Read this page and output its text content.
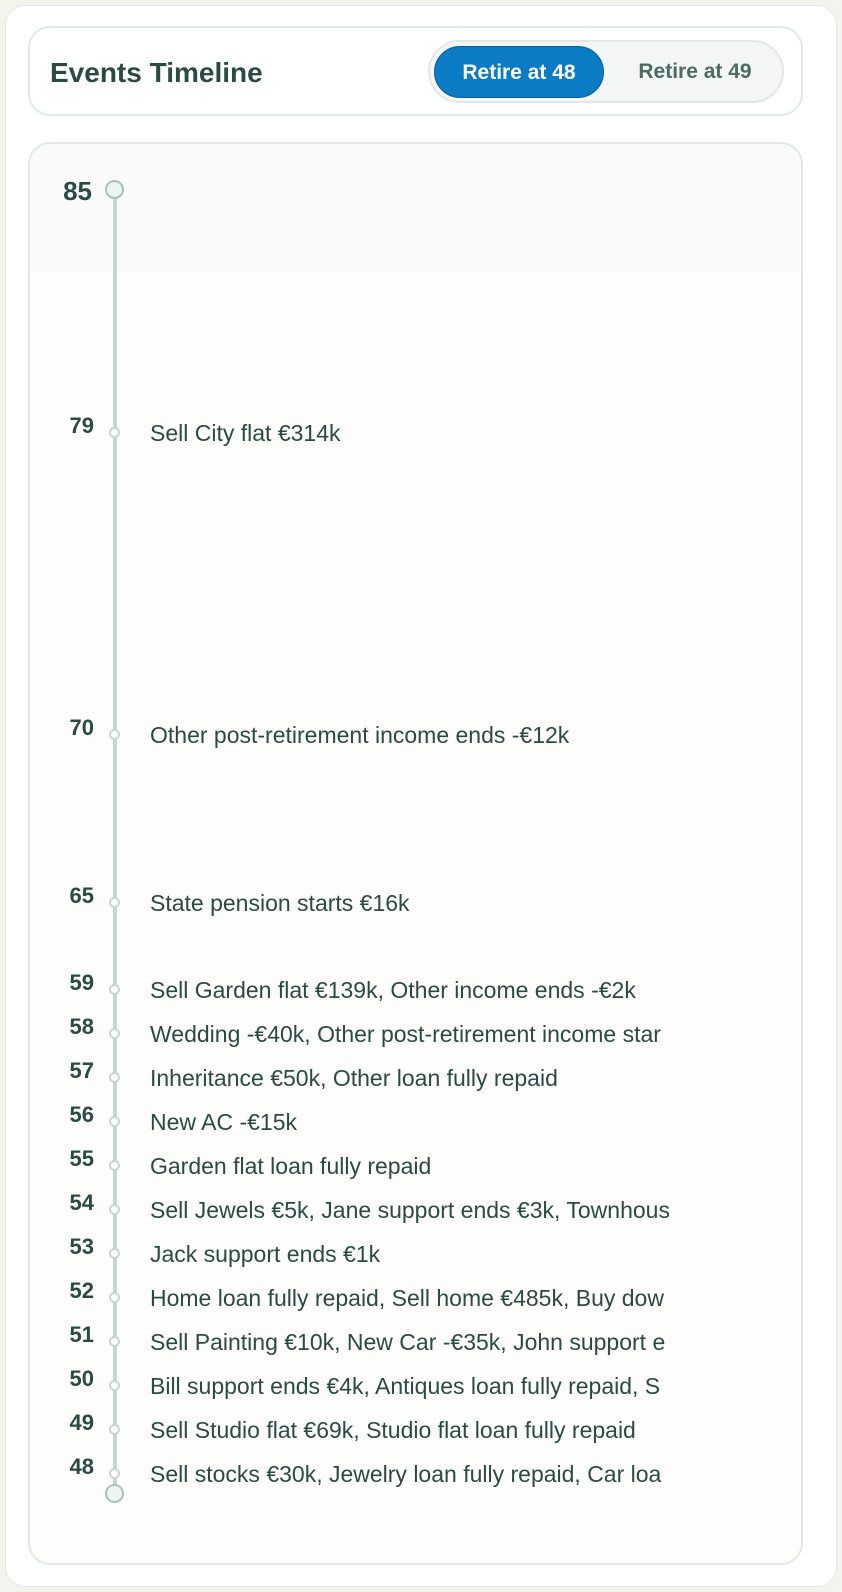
Events Timeline	Retire at 48	Retire at 49
85
79 Sell City flat €314k
70 Other post-retirement income ends -€12k
65 State pension starts €16k
59 Sell Garden flat €139k, Other income ends -€2k
58 Wedding -€40k, Other post-retirement income star
57 Inheritance €50k, Other loan fully repaid
56 New AC -€15k
55 Garden flat loan fully repaid
54 Sell Jewels €5k, Jane support ends €3k, Townhous
53 Jack support ends €1k
52 Home loan fully repaid, Sell home €485k, Buy dow
51 Sell Painting €10k, New Car -€35k, John support e
50 Bill support ends €4k, Antiques loan fully repaid, S
49 Sell Studio flat €69k, Studio flat loan fully repaid
48 Sell stocks €30k, Jewelry loan fully repaid, Car loa
